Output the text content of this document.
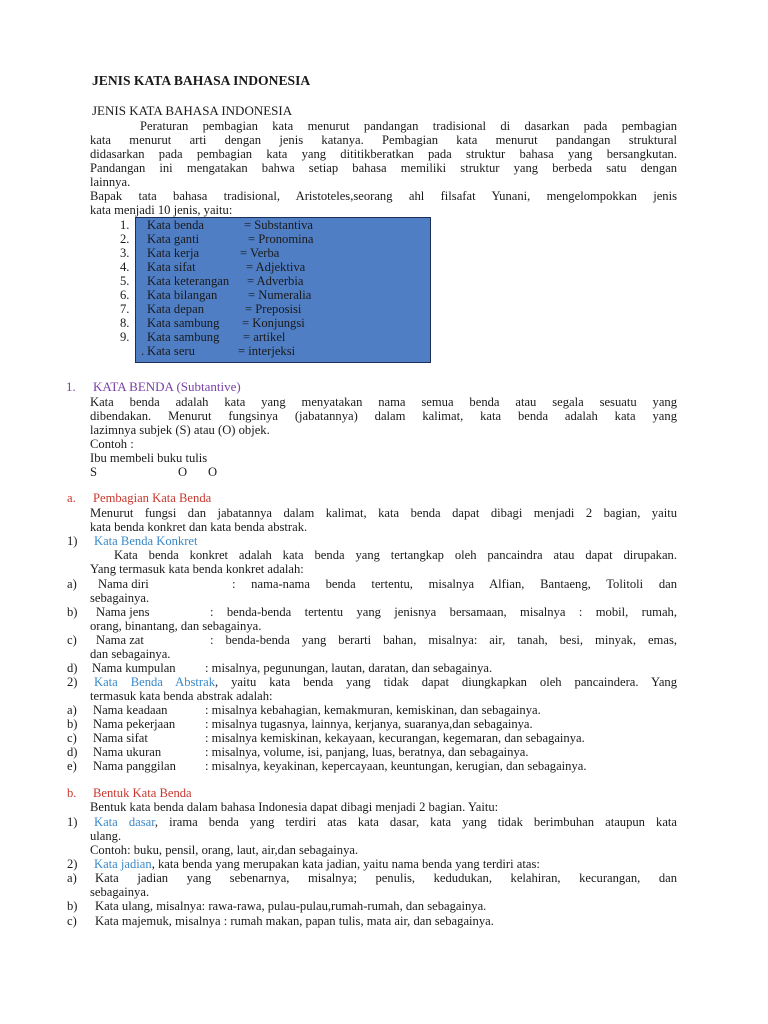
JENIS KATA BAHASA INDONESIA
JENIS KATA BAHASA INDONESIA
Peraturan pembagian kata menurut pandangan tradisional di dasarkan pada pembagian
kata menurut arti dengan jenis katanya. Pembagian kata menurut pandangan struktural
didasarkan pada pembagian kata yang dititikberatkan pada struktur bahasa yang bersangkutan.
Pandangan ini mengatakan bahwa setiap bahasa memiliki struktur yang berbeda satu dengan
lainnya.
Bapak tata bahasa tradisional, Aristoteles,seorang ahl filsafat Yunani, mengelompokkan jenis
kata menjadi 10 jenis, yaitu:
1. Kata benda	= Substantiva
2. Kata ganti	= Pronomina
3. Kata kerja	= Verba
4. Kata sifat	= Adjektiva
5. Kata keterangan = Adverbia
6. Kata bilangan = Numeralia
7. Kata depan	= Preposisi
8. Kata sambung = Konjungsi
9. Kata sambung = artikel
. Kata seru	= interjeksi
1. KATA BENDA (Subtantive)
Kata benda adalah kata yang menyatakan nama semua benda atau segala sesuatu yang
dibendakan. Menurut fungsinya (jabatannya) dalam kalimat, kata benda adalah kata yang
lazimnya subjek (S) atau (O) objek.
Contoh :
Ibu membeli buku tulis
S	O O
a. Pembagian Kata Benda
Menurut fungsi dan jabatannya dalam kalimat, kata benda dapat dibagi menjadi 2 bagian, yaitu
kata benda konkret dan kata benda abstrak.
1) Kata Benda Konkret
Kata benda konkret adalah kata benda yang tertangkap oleh pancaindra atau dapat dirupakan.
Yang termasuk kata benda konkret adalah:
a) Nama diri	: nama-nama benda tertentu, misalnya Alfian, Bantaeng, Tolitoli dan
sebagainya.
b) Nama jens	: benda-benda tertentu yang jenisnya bersamaan, misalnya : mobil, rumah,
orang, binantang, dan sebagainya.
c) Nama zat	: benda-benda yang berarti bahan, misalnya: air, tanah, besi, minyak, emas,
dan sebagainya.
d) Nama kumpulan : misalnya, pegunungan, lautan, daratan, dan sebagainya.
2) Kata Benda Abstrak, yaitu kata benda yang tidak dapat diungkapkan oleh pancaindera. Yang
termasuk kata benda abstrak adalah:
a) Nama keadaan	: misalnya kebahagian, kemakmuran, kemiskinan, dan sebagainya.
b) Nama pekerjaan : misalnya tugasnya, lainnya, kerjanya, suaranya,dan sebagainya.
c) Nama sifat	: misalnya kemiskinan, kekayaan, kecurangan, kegemaran, dan sebagainya.
d) Nama ukuran	: misalnya, volume, isi, panjang, luas, beratnya, dan sebagainya.
e) Nama panggilan : misalnya, keyakinan, kepercayaan, keuntungan, kerugian, dan sebagainya.
b. Bentuk Kata Benda
Bentuk kata benda dalam bahasa Indonesia dapat dibagi menjadi 2 bagian. Yaitu:
1) Kata dasar, irama benda yang terdiri atas kata dasar, kata yang tidak berimbuhan ataupun kata
ulang.
Contoh: buku, pensil, orang, laut, air,dan sebagainya.
2) Kata jadian, kata benda yang merupakan kata jadian, yaitu nama benda yang terdiri atas:
a) Kata jadian yang sebenarnya, misalnya; penulis, kedudukan, kelahiran, kecurangan, dan
sebagainya.
b) Kata ulang, misalnya: rawa-rawa, pulau-pulau,rumah-rumah, dan sebagainya.
c) Kata majemuk, misalnya : rumah makan, papan tulis, mata air, dan sebagainya.
